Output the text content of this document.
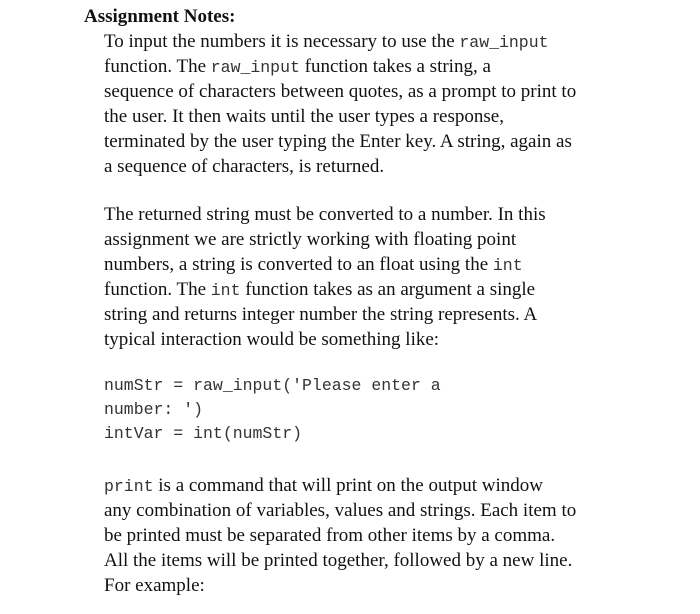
Assignment Notes:
To input the numbers it is necessary to use the raw_input
function. The raw_input function takes a string, a
sequence of characters between quotes, as a prompt to print to
the user. It then waits until the user types a response,
terminated by the user typing the Enter key. A string, again as
a sequence of characters, is returned.
The returned string must be converted to a number. In this
assignment we are strictly working with floating point
numbers, a string is converted to an float using the int
function. The int function takes as an argument a single
string and returns integer number the string represents. A
typical interaction would be something like:
numStr = raw_input('Please enter a
number: ')
intVar = int(numStr)
print is a command that will print on the output window
any combination of variables, values and strings. Each item to
be printed must be separated from other items by a comma.
All the items will be printed together, followed by a new line.
For example:
